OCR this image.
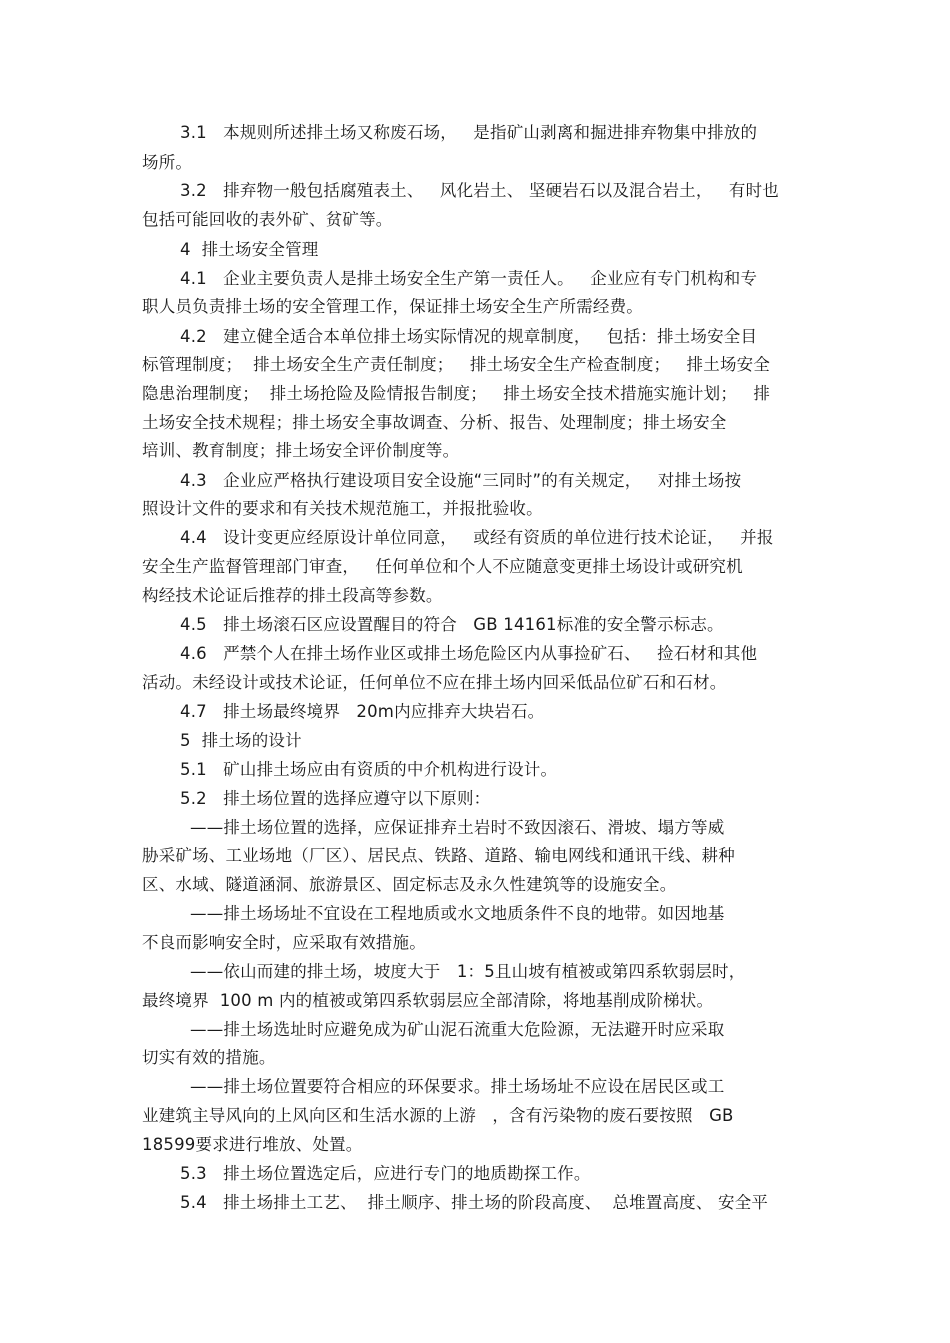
3.1   本规则所述排土场又称废石场，   是指矿山剥离和掘进排弃物集中排放的
场所。
3.2   排弃物一般包括腐殖表土、   风化岩土、 坚硬岩石以及混合岩土，   有时也
包括可能回收的表外矿、贫矿等。
4  排土场安全管理
4.1   企业主要负责人是排土场安全生产第一责任人。   企业应有专门机构和专
职人员负责排土场的安全管理工作，保证排土场安全生产所需经费。
4.2   建立健全适合本单位排土场实际情况的规章制度，   包括：排土场安全目
标管理制度；  排土场安全生产责任制度；   排土场安全生产检查制度；   排土场安全
隐患治理制度；  排土场抢险及险情报告制度；   排土场安全技术措施实施计划；   排
土场安全技术规程；排土场安全事故调查、分析、报告、处理制度；排土场安全
培训、教育制度；排土场安全评价制度等。
4.3   企业应严格执行建设项目安全设施“三同时”的有关规定，   对排土场按
照设计文件的要求和有关技术规范施工，并报批验收。
4.4   设计变更应经原设计单位同意，   或经有资质的单位进行技术论证，   并报
安全生产监督管理部门审查，   任何单位和个人不应随意变更排土场设计或研究机
构经技术论证后推荐的排土段高等参数。
4.5   排土场滚石区应设置醒目的符合   GB 14161标准的安全警示标志。
4.6   严禁个人在排土场作业区或排土场危险区内从事捡矿石、   捡石材和其他
活动。未经设计或技术论证，任何单位不应在排土场内回采低品位矿石和石材。
4.7   排土场最终境界   20m内应排弃大块岩石。
5  排土场的设计
5.1   矿山排土场应由有资质的中介机构进行设计。
5.2   排土场位置的选择应遵守以下原则：
——排土场位置的选择，应保证排弃土岩时不致因滚石、滑坡、塌方等威
胁采矿场、工业场地（厂区）、居民点、铁路、道路、输电网线和通讯干线、耕种
区、水域、隧道涵洞、旅游景区、固定标志及永久性建筑等的设施安全。
——排土场场址不宜设在工程地质或水文地质条件不良的地带。如因地基
不良而影响安全时，应采取有效措施。
——依山而建的排土场，坡度大于   1：5且山坡有植被或第四系软弱层时，
最终境界  100 m 内的植被或第四系软弱层应全部清除，将地基削成阶梯状。
——排土场选址时应避免成为矿山泥石流重大危险源，无法避开时应采取
切实有效的措施。
——排土场位置要符合相应的环保要求。排土场场址不应设在居民区或工
业建筑主导风向的上风向区和生活水源的上游   ，含有污染物的废石要按照   GB
18599要求进行堆放、处置。
5.3   排土场位置选定后，应进行专门的地质勘探工作。
5.4   排土场排土工艺、  排土顺序、排土场的阶段高度、  总堆置高度、 安全平
